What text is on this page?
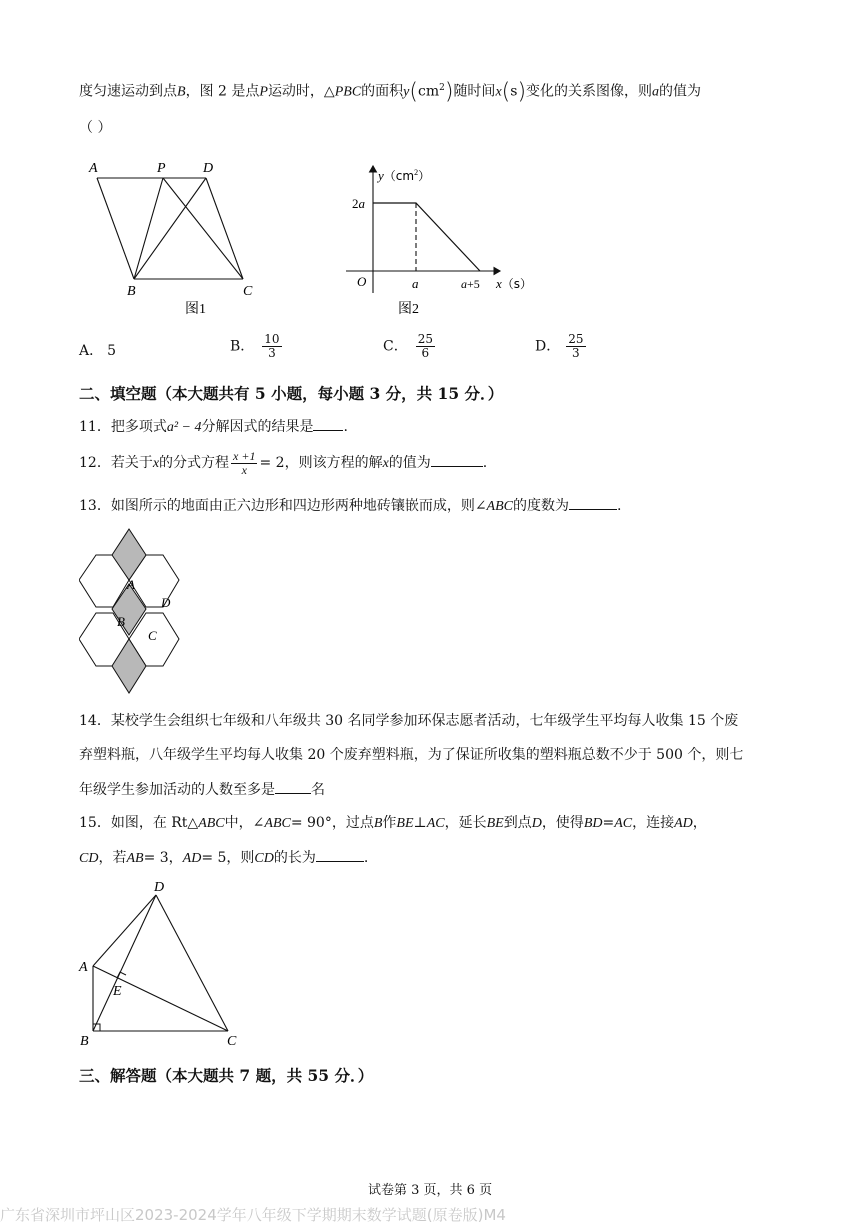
度匀速运动到点B，图 2 是点P运动时，△PBC的面积$y(cm^2)$随时间x(s)变化的关系图像，则a的值为
（ ）
A	P	D
B	C
图1
$y(cm^2)$
2a
O	a	a+5 x（s）
图2
A． 5	B． $\frac{10}{3}$	C． $\frac{25}{6}$	D． $\frac{25}{3}$
二、填空题（本大题共有 5 小题，每小题 3 分，共 15 分．）
11．把多项式a² − 4分解因式的结果是 .
12．若关于x的分式方程 $\frac{x +1}{x} = 2$，则该方程的解x的值为	.
13．如图所示的地面由正六边形和四边形两种地砖镶嵌而成，则∠ABC的度数为	.
A
D
B
C
14．某校学生会组织七年级和八年级共 30 名同学参加环保志愿者活动，七年级学生平均每人收集 15 个废
弃塑料瓶，八年级学生平均每人收集 20 个废弃塑料瓶，为了保证所收集的塑料瓶总数不少于 500 个，则七
年级学生参加活动的人数至多是	名
15．如图，在 Rt△ABC中，∠ABC= 90°，过点B作BE⊥AC，延长BE到点D，使得BD=AC，连接AD，
CD，若AB= 3，AD= 5，则CD的长为	.
D
A
E
B	C
三、解答题（本大题共 7 题，共 55 分．）
试卷第 3 页，共 6 页
广东省深圳市坪山区2023-2024学年八年级下学期期末数学试题(原卷版)M4
